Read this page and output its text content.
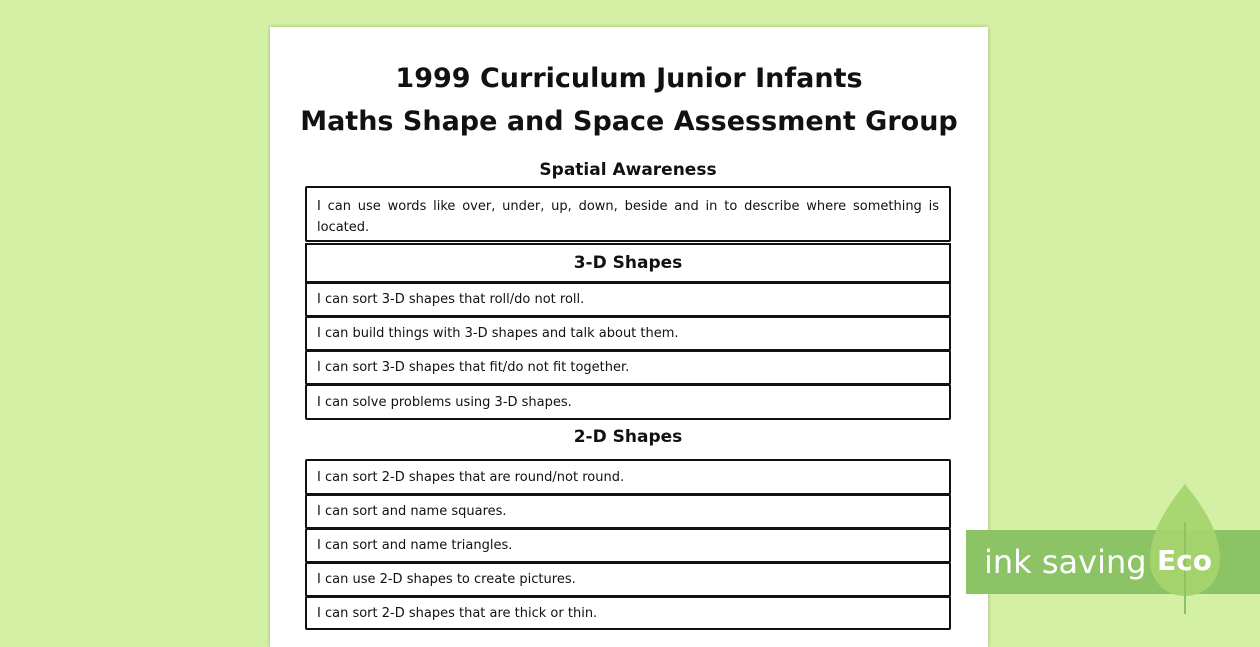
1999 Curriculum Junior Infants
Maths Shape and Space Assessment Group
Spatial Awareness
I can use words like over, under, up, down, beside and in to describe where something is located.
3-D Shapes
I can sort 3-D shapes that roll/do not roll.
I can build things with 3-D shapes and talk about them.
I can sort 3-D shapes that fit/do not fit together.
I can solve problems using 3-D shapes.
2-D Shapes
I can sort 2-D shapes that are round/not round.
I can sort and name squares.
I can sort and name triangles.
I can use 2-D shapes to create pictures.
I can sort 2-D shapes that are thick or thin.
ink saving Eco
